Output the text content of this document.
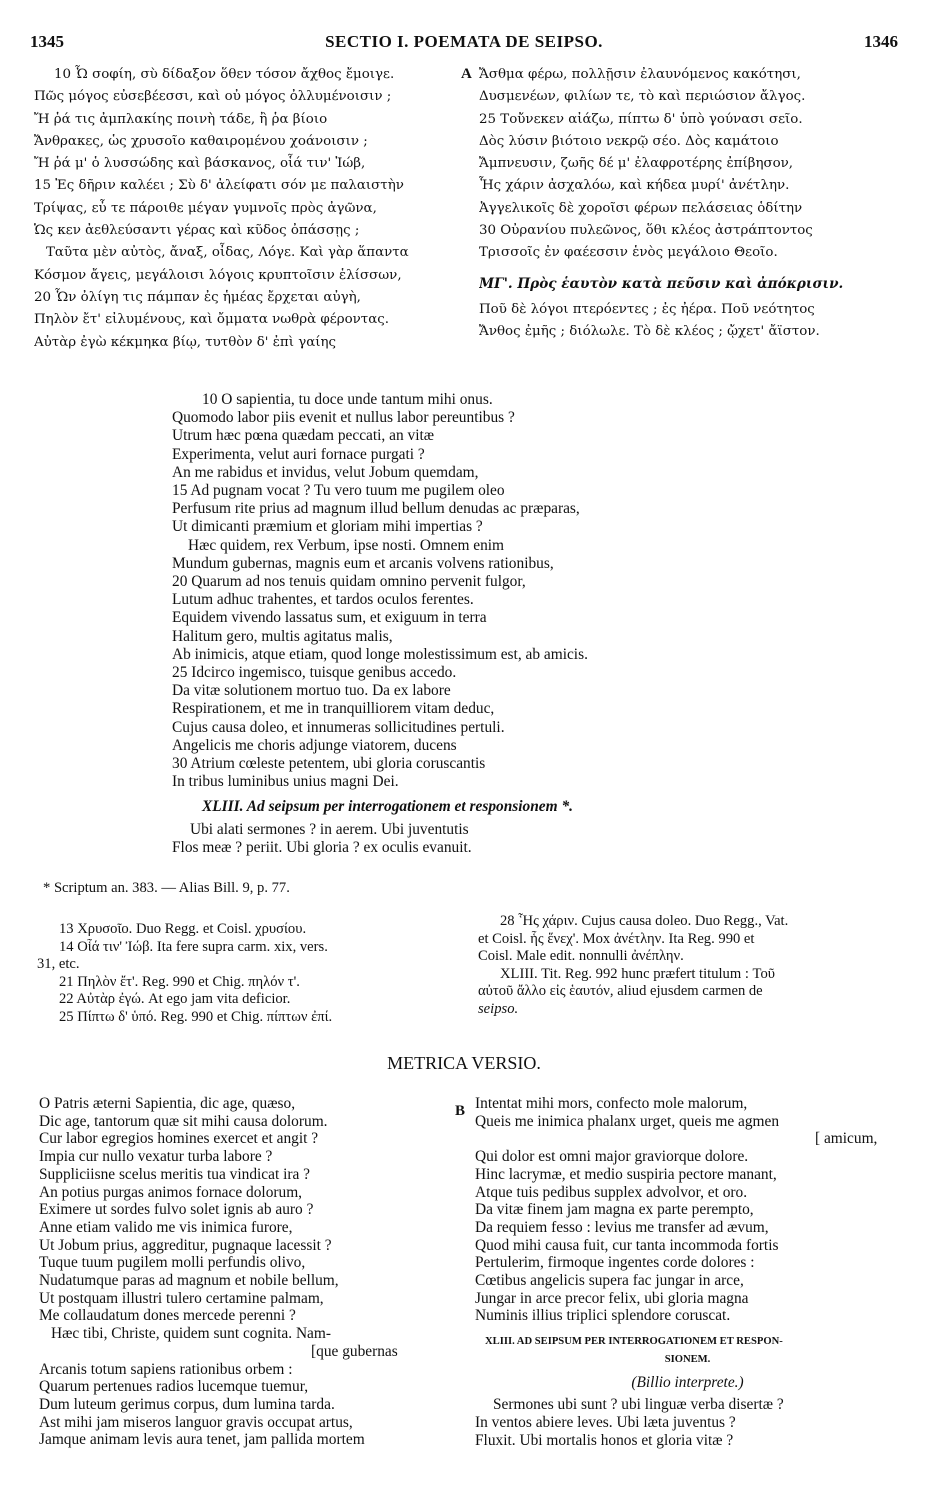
1345	SECTIO I. POEMATA DE SEIPSO.	1346
10 Ὦ σοφίη, σὺ δίδαξον ὅθεν τόσον ἄχθος ἔμοιγε.
Πῶς μόγος εὐσεβέεσσι, καὶ οὐ μόγος ὀλλυμένοισιν ;
Ἤ ῥά τις ἀμπλακίης ποινὴ τάδε, ἢ ῥα βίοιο
Ἄνθρακες, ὡς χρυσοῖο καθαιρομένου χοάνοισιν ;
Ἤ ῥά μ' ὁ λυσσώδης καὶ βάσκανος, οἷά τιν' Ἰώβ,
15 Ἐς δῆριν καλέει ; Σὺ δ' ἀλείφατι σόν με παλαιστὴν
Τρίψας, εὖ τε πάροιθε μέγαν γυμνοῖς πρὸς ἀγῶνα,
Ὡς κεν ἀεθλεύσαντι γέρας καὶ κῦδος ὀπάσσῃς ;
Ταῦτα μὲν αὐτὸς, ἄναξ, οἶδας, Λόγε. Καὶ γὰρ ἅπαντα
Κόσμον ἄγεις, μεγάλοισι λόγοις κρυπτοῖσιν ἑλίσσων,
20 Ὧν ὀλίγη τις πάμπαν ἐς ἡμέας ἔρχεται αὐγὴ,
Πηλὸν ἔτ' εἰλυμένους, καὶ ὄμματα νωθρὰ φέροντας.
Αὐτὰρ ἐγὼ κέκμηκα βίῳ, τυτθὸν δ' ἐπὶ γαίης
A Ἄσθμα φέρω, πολλῇσιν ἐλαυνόμενος κακότησι,
Δυσμενέων, φιλίων τε, τὸ καὶ περιώσιον ἄλγος.
25 Τοὔνεκεν αἰάζω, πίπτω δ' ὑπὸ γούνασι σεῖο.
Δὸς λύσιν βιότοιο νεκρῷ σέο. Δὸς καμάτοιο
Ἄμπνευσιν, ζωῆς δέ μ' ἐλαφροτέρης ἐπίβησον,
Ἧς χάριν ἀσχαλόω, καὶ κήδεα μυρί' ἀνέτλην.
Ἀγγελικοῖς δὲ χοροῖσι φέρων πελάσειας ὁδίτην
30 Οὐρανίου πυλεῶνος, ὅθι κλέος ἀστράπτοντος
Τρισσοῖς ἐν φαέεσσιν ἑνὸς μεγάλοιο Θεοῖο.
ΜΓ'. Πρὸς ἑαυτὸν κατὰ πεῦσιν καὶ ἀπόκρισιν.
Ποῦ δὲ λόγοι πτερόεντες ; ἐς ἠέρα. Ποῦ νεότητος
Ἄνθος ἐμῆς ; διόλωλε. Τὸ δὲ κλέος ; ᾤχετ' ἄϊστον.
10 O sapientia, tu doce unde tantum mihi onus.
Quomodo labor piis evenit et nullus labor pereuntibus ?
Utrum hæc pœna quædam peccati, an vitæ
Experimenta, velut auri fornace purgati ?
An me rabidus et invidus, velut Jobum quemdam,
15 Ad pugnam vocat ? Tu vero tuum me pugilem oleo
Perfusum rite prius ad magnum illud bellum denudas ac præparas,
Ut dimicanti præmium et gloriam mihi impertias ?
Hæc quidem, rex Verbum, ipse nosti. Omnem enim
Mundum gubernas, magnis eum et arcanis volvens rationibus,
20 Quarum ad nos tenuis quidam omnino pervenit fulgor,
Lutum adhuc trahentes, et tardos oculos ferentes.
Equidem vivendo lassatus sum, et exiguum in terra
Halitum gero, multis agitatus malis,
Ab inimicis, atque etiam, quod longe molestissimum est, ab amicis.
25 Idcirco ingemisco, tuisque genibus accedo.
Da vitæ solutionem mortuo tuo. Da ex labore
Respirationem, et me in tranquilliorem vitam deduc,
Cujus causa doleo, et innumeras sollicitudines pertuli.
Angelicis me choris adjunge viatorem, ducens
30 Atrium cœleste petentem, ubi gloria coruscantis
In tribus luminibus unius magni Dei.
XLIII. Ad seipsum per interrogationem et responsionem *.
Ubi alati sermones ? in aerem. Ubi juventutis
Flos meæ ? periit. Ubi gloria ? ex oculis evanuit.
* Scriptum an. 383. — Alias Bill. 9, p. 77.
13 Χρυσοῖο. Duo Regg. et Coisl. χρυσίου.
14 Οἷά τιν' Ἰώβ. Ita fere supra carm. xix, vers.
31, etc.
21 Πηλὸν ἔτ'. Reg. 990 et Chig. πηλόν τ'.
22 Αὐτὰρ ἐγώ. At ego jam vita deficior.
25 Πίπτω δ' ὑπό. Reg. 990 et Chig. πίπτων ἐπί.
28 Ἧς χάριν. Cujus causa doleo. Duo Regg., Vat.
et Coisl. ἧς ἕνεχ'. Mox ἀνέτλην. Ita Reg. 990 et
Coisl. Male edit. nonnulli ἀνέπλην.
XLIII. Tit. Reg. 992 hunc præfert titulum : Τοῦ
αὐτοῦ ἄλλο εἰς ἑαυτόν, aliud ejusdem carmen de
seipso.
METRICA VERSIO.
O Patris æterni Sapientia, dic age, quæso,
Dic age, tantorum quæ sit mihi causa dolorum.
Cur labor egregios homines exercet et angit ?
Impia cur nullo vexatur turba labore ?
Suppliciisne scelus meritis tua vindicat ira ?
An potius purgas animos fornace dolorum,
Eximere ut sordes fulvo solet ignis ab auro ?
Anne etiam valido me vis inimica furore,
Ut Jobum prius, aggreditur, pugnaque lacessit ?
Tuque tuum pugilem molli perfundis olivo,
Nudatumque paras ad magnum et nobile bellum,
Ut postquam illustri tulero certamine palmam,
Me collaudatum dones mercede perenni ?
Hæc tibi, Christe, quidem sunt cognita. Nam-
[que gubernas
Arcanis totum sapiens rationibus orbem :
Quarum pertenues radios lucemque tuemur,
Dum luteum gerimus corpus, dum lumina tarda.
Ast mihi jam miseros languor gravis occupat artus,
Jamque animam levis aura tenet, jam pallida mortem
B Intentat mihi mors, confecto mole malorum,
Queis me inimica phalanx urget, queis me agmen
[ amicum,
Qui dolor est omni major graviorque dolore.
Hinc lacrymæ, et medio suspiria pectore manant,
Atque tuis pedibus supplex advolvor, et oro.
Da vitæ finem jam magna ex parte perempto,
Da requiem fesso : levius me transfer ad ævum,
Quod mihi causa fuit, cur tanta incommoda fortis
Pertulerim, firmoque ingentes corde dolores :
Cœtibus angelicis supera fac jungar in arce,
Jungar in arce precor felix, ubi gloria magna
Numinis illius triplici splendore coruscat.
XLIII. AD SEIPSUM PER INTERROGATIONEM ET RESPON-
SIONEM.
(Billio interprete.)
Sermones ubi sunt ? ubi linguæ verba disertæ ?
In ventos abiere leves. Ubi læta juventus ?
Fluxit. Ubi mortalis honos et gloria vitæ ?
